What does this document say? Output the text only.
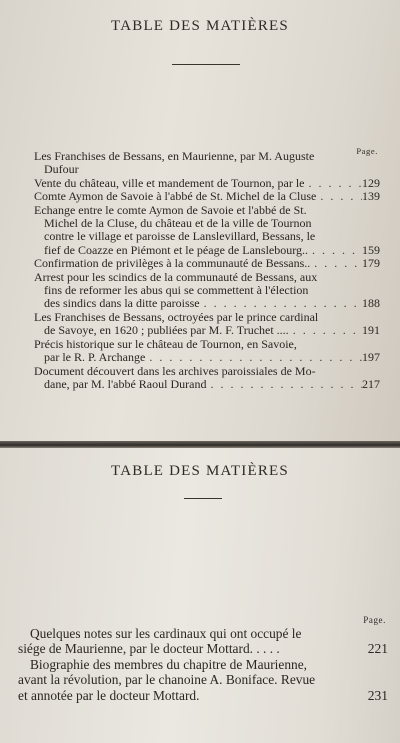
TABLE DES MATIÈRES
Page.
Les Franchises de Bessans, en Maurienne, par M. Auguste
Dufour
Vente du château, ville et mandement de Tournon, par le . . .	129
Comte Aymon de Savoie à l'abbé de St. Michel de la Cluse . . .	139
Echange entre le comte Aymon de Savoie et l'abbé de St.
Michel de la Cluse, du château et de la ville de Tournon
contre le village et paroisse de Lanslevillard, Bessans, le
fief de Coazze en Piémont et le péage de Lanslebourg.. . . .	159
Confirmation de privilèges à la communauté de Bessans.. . . .	179
Arrest pour les scindics de la communauté de Bessans, aux
fins de reformer les abus qui se commettent à l'élection
des sindics dans la ditte paroisse . . .	188
Les Franchises de Bessans, octroyées par le prince cardinal
de Savoye, en 1620 ; publiées par M. F. Truchet .... . . .	191
Précis historique sur le château de Tournon, en Savoie,
par le R. P. Archange . . .	197
Document découvert dans les archives paroissiales de Mo-
dane, par M. l'abbé Raoul Durand . . .	217
TABLE DES MATIÈRES
Page.
Quelques notes sur les cardinaux qui ont occupé le
siége de Maurienne, par le docteur Mottard. . . . .	221
Biographie des membres du chapitre de Maurienne,
avant la révolution, par le chanoine A. Boniface. Revue
et annotée par le docteur Mottard.	231
